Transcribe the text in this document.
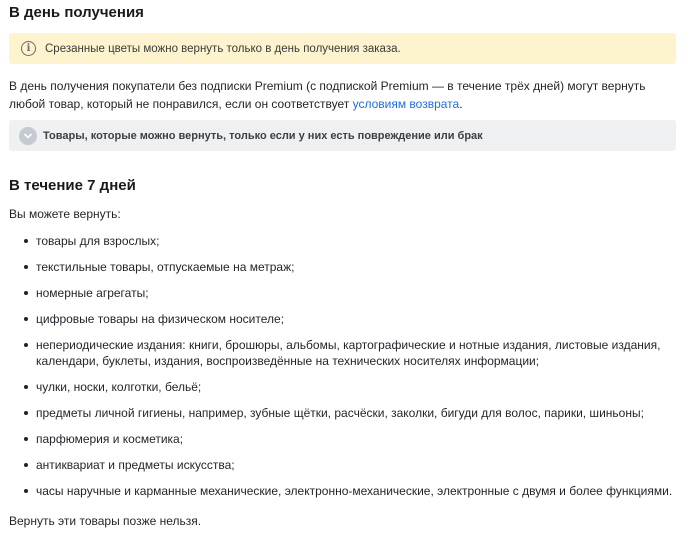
В день получения
i	Срезанные цветы можно вернуть только в день получения заказа.
В день получения покупатели без подписки Premium (с подпиской Premium — в течение трёх дней) могут вернуть любой товар, который не понравился, если он соответствует условиям возврата.
Товары, которые можно вернуть, только если у них есть повреждение или брак
В течение 7 дней
Вы можете вернуть:
товары для взрослых;
текстильные товары, отпускаемые на метраж;
номерные агрегаты;
цифровые товары на физическом носителе;
непериодические издания: книги, брошюры, альбомы, картографические и нотные издания, листовые издания, календари, буклеты, издания, воспроизведённые на технических носителях информации;
чулки, носки, колготки, бельё;
предметы личной гигиены, например, зубные щётки, расчёски, заколки, бигуди для волос, парики, шиньоны;
парфюмерия и косметика;
антиквариат и предметы искусства;
часы наручные и карманные механические, электронно-механические, электронные с двумя и более функциями.
Вернуть эти товары позже нельзя.
